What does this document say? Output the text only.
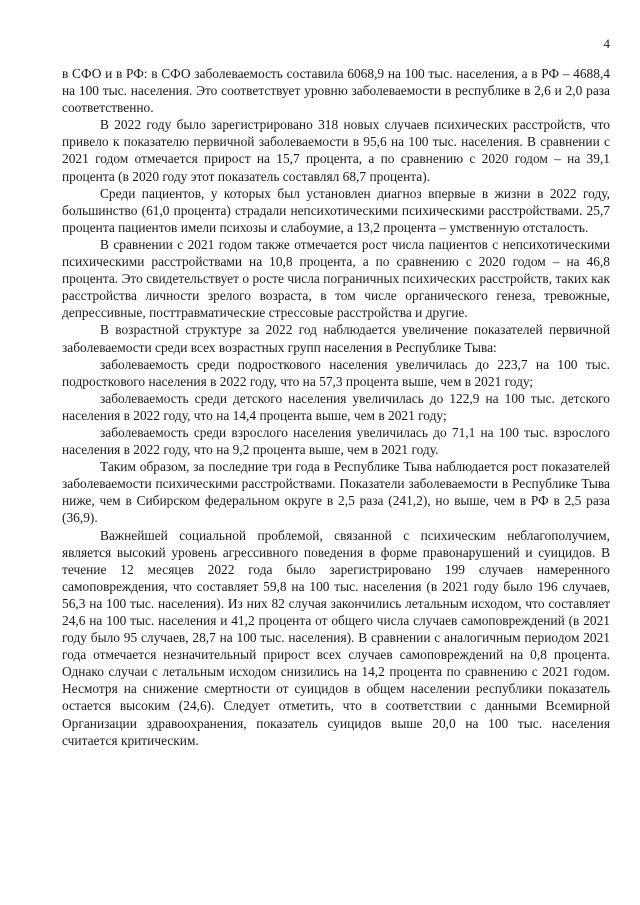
4

в СФО и в РФ: в СФО заболеваемость составила 6068,9 на 100 тыс. населения, а в РФ – 4688,4 на 100 тыс. населения. Это соответствует уровню заболеваемости в республике в 2,6 и 2,0 раза соответственно.

В 2022 году было зарегистрировано 318 новых случаев психических расстройств, что привело к показателю первичной заболеваемости в 95,6 на 100 тыс. населения. В сравнении с 2021 годом отмечается прирост на 15,7 процента, а по сравнению с 2020 годом – на 39,1 процента (в 2020 году этот показатель составлял 68,7 процента).

Среди пациентов, у которых был установлен диагноз впервые в жизни в 2022 году, большинство (61,0 процента) страдали непсихотическими психическими расстройствами. 25,7 процента пациентов имели психозы и слабоумие, а 13,2 процента – умственную отсталость.

В сравнении с 2021 годом также отмечается рост числа пациентов с непсихотическими психическими расстройствами на 10,8 процента, а по сравнению с 2020 годом – на 46,8 процента. Это свидетельствует о росте числа пограничных психических расстройств, таких как расстройства личности зрелого возраста, в том числе органического генеза, тревожные, депрессивные, посттравматические стрессовые расстройства и другие.

В возрастной структуре за 2022 год наблюдается увеличение показателей первичной заболеваемости среди всех возрастных групп населения в Республике Тыва:

заболеваемость среди подросткового населения увеличилась до 223,7 на 100 тыс. подросткового населения в 2022 году, что на 57,3 процента выше, чем в 2021 году;

заболеваемость среди детского населения увеличилась до 122,9 на 100 тыс. детского населения в 2022 году, что на 14,4 процента выше, чем в 2021 году;

заболеваемость среди взрослого населения увеличилась до 71,1 на 100 тыс. взрослого населения в 2022 году, что на 9,2 процента выше, чем в 2021 году.

Таким образом, за последние три года в Республике Тыва наблюдается рост показателей заболеваемости психическими расстройствами. Показатели заболеваемости в Республике Тыва ниже, чем в Сибирском федеральном округе в 2,5 раза (241,2), но выше, чем в РФ в 2,5 раза (36,9).

Важнейшей социальной проблемой, связанной с психическим неблагополучием, является высокий уровень агрессивного поведения в форме правонарушений и суицидов. В течение 12 месяцев 2022 года было зарегистрировано 199 случаев намеренного самоповреждения, что составляет 59,8 на 100 тыс. населения (в 2021 году было 196 случаев, 56,3 на 100 тыс. населения). Из них 82 случая закончились летальным исходом, что составляет 24,6 на 100 тыс. населения и 41,2 процента от общего числа случаев самоповреждений (в 2021 году было 95 случаев, 28,7 на 100 тыс. населения). В сравнении с аналогичным периодом 2021 года отмечается незначительный прирост всех случаев самоповреждений на 0,8 процента. Однако случаи с летальным исходом снизились на 14,2 процента по сравнению с 2021 годом. Несмотря на снижение смертности от суицидов в общем населении республики показатель остается высоким (24,6). Следует отметить, что в соответствии с данными Всемирной Организации здравоохранения, показатель суицидов выше 20,0 на 100 тыс. населения считается критическим.
